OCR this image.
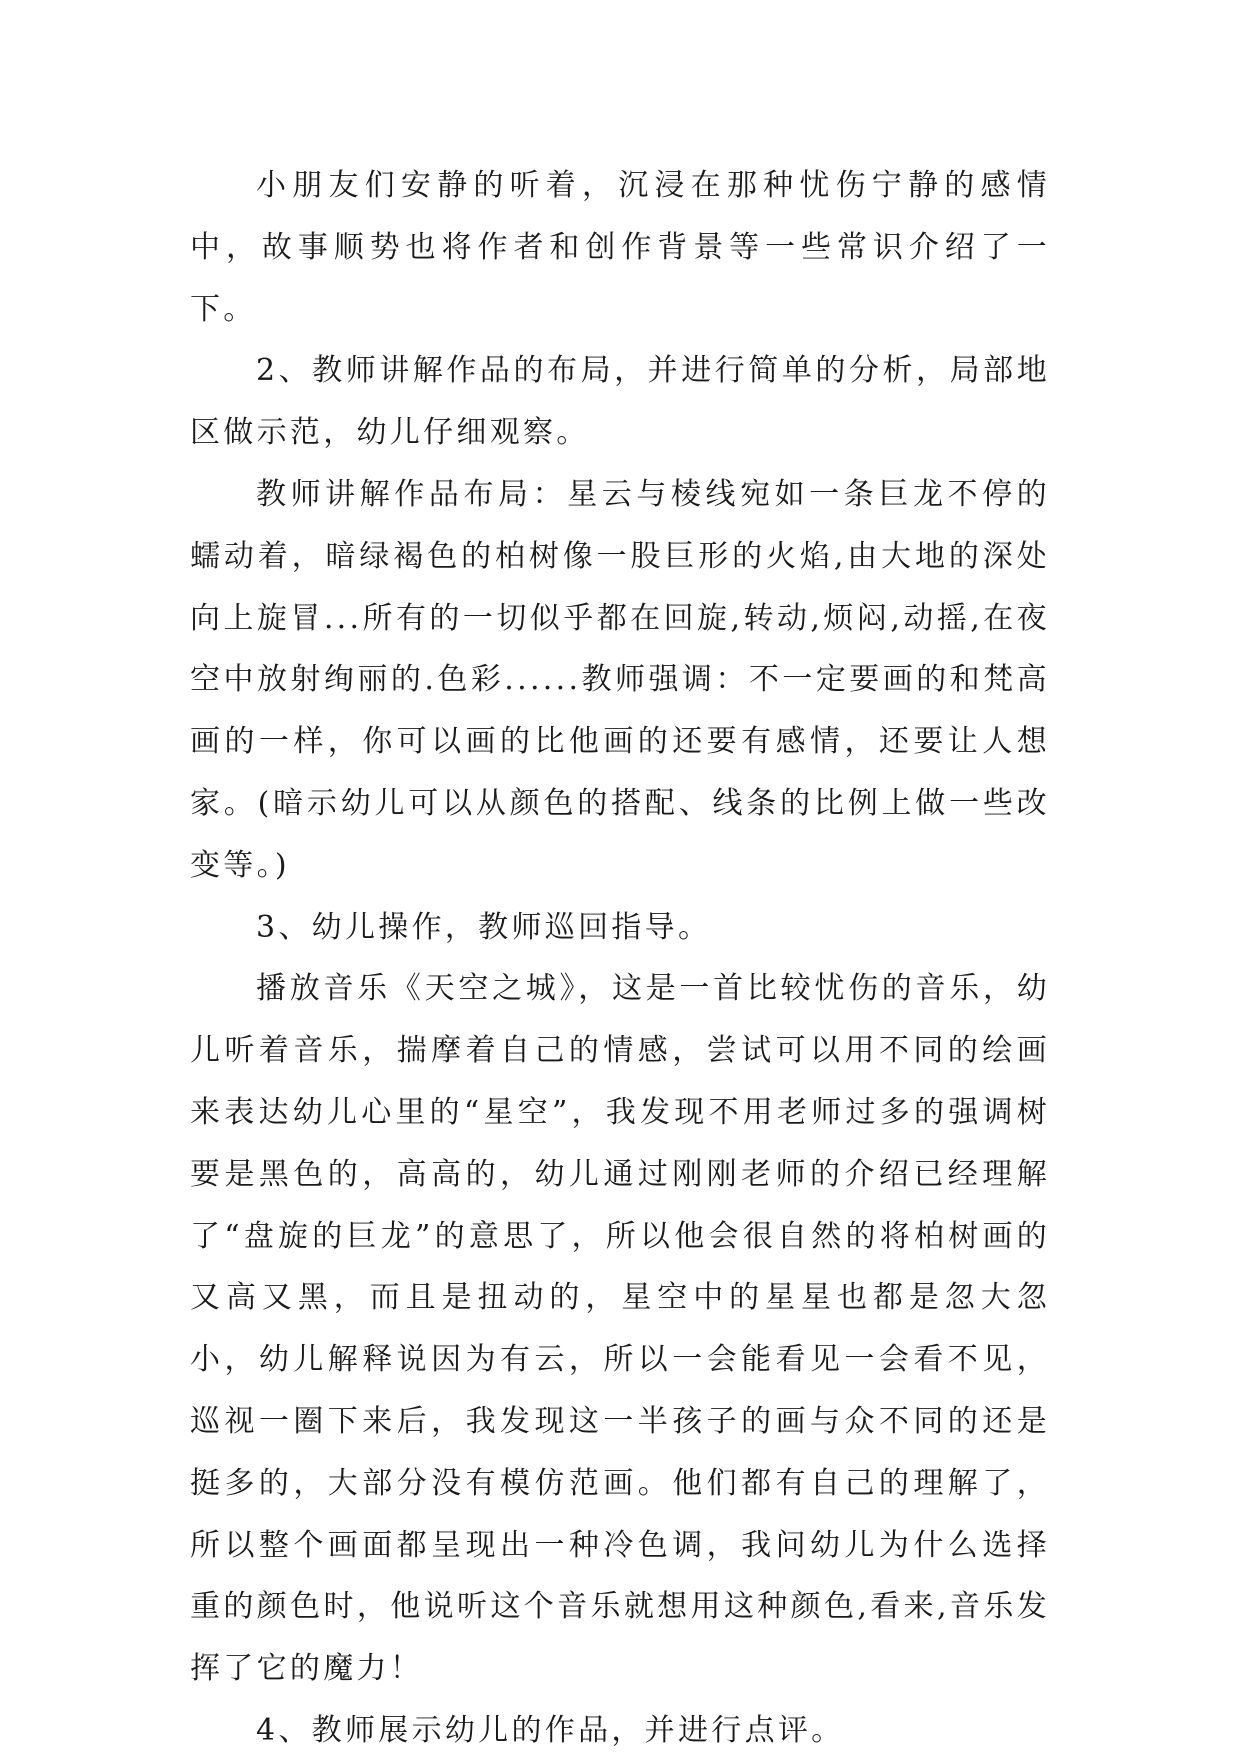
小朋友们安静的听着，沉浸在那种忧伤宁静的感情中，故事顺势也将作者和创作背景等一些常识介绍了一下。

2、教师讲解作品的布局，并进行简单的分析，局部地区做示范，幼儿仔细观察。

教师讲解作品布局：星云与棱线宛如一条巨龙不停的蠕动着，暗绿褐色的柏树像一股巨形的火焰,由大地的深处向上旋冒...所有的一切似乎都在回旋,转动,烦闷,动摇,在夜空中放射绚丽的.色彩......教师强调：不一定要画的和梵高画的一样，你可以画的比他画的还要有感情，还要让人想家。(暗示幼儿可以从颜色的搭配、线条的比例上做一些改变等。)

3、幼儿操作，教师巡回指导。

播放音乐《天空之城》，这是一首比较忧伤的音乐，幼儿听着音乐，揣摩着自己的情感，尝试可以用不同的绘画来表达幼儿心里的“星空”，我发现不用老师过多的强调树要是黑色的，高高的，幼儿通过刚刚老师的介绍已经理解了“盘旋的巨龙”的意思了，所以他会很自然的将柏树画的又高又黑，而且是扭动的，星空中的星星也都是忽大忽小，幼儿解释说因为有云，所以一会能看见一会看不见，巡视一圈下来后，我发现这一半孩子的画与众不同的还是挺多的，大部分没有模仿范画。他们都有自己的理解了，所以整个画面都呈现出一种冷色调，我问幼儿为什么选择重的颜色时，他说听这个音乐就想用这种颜色,看来,音乐发挥了它的魔力！

4、教师展示幼儿的作品，并进行点评。
